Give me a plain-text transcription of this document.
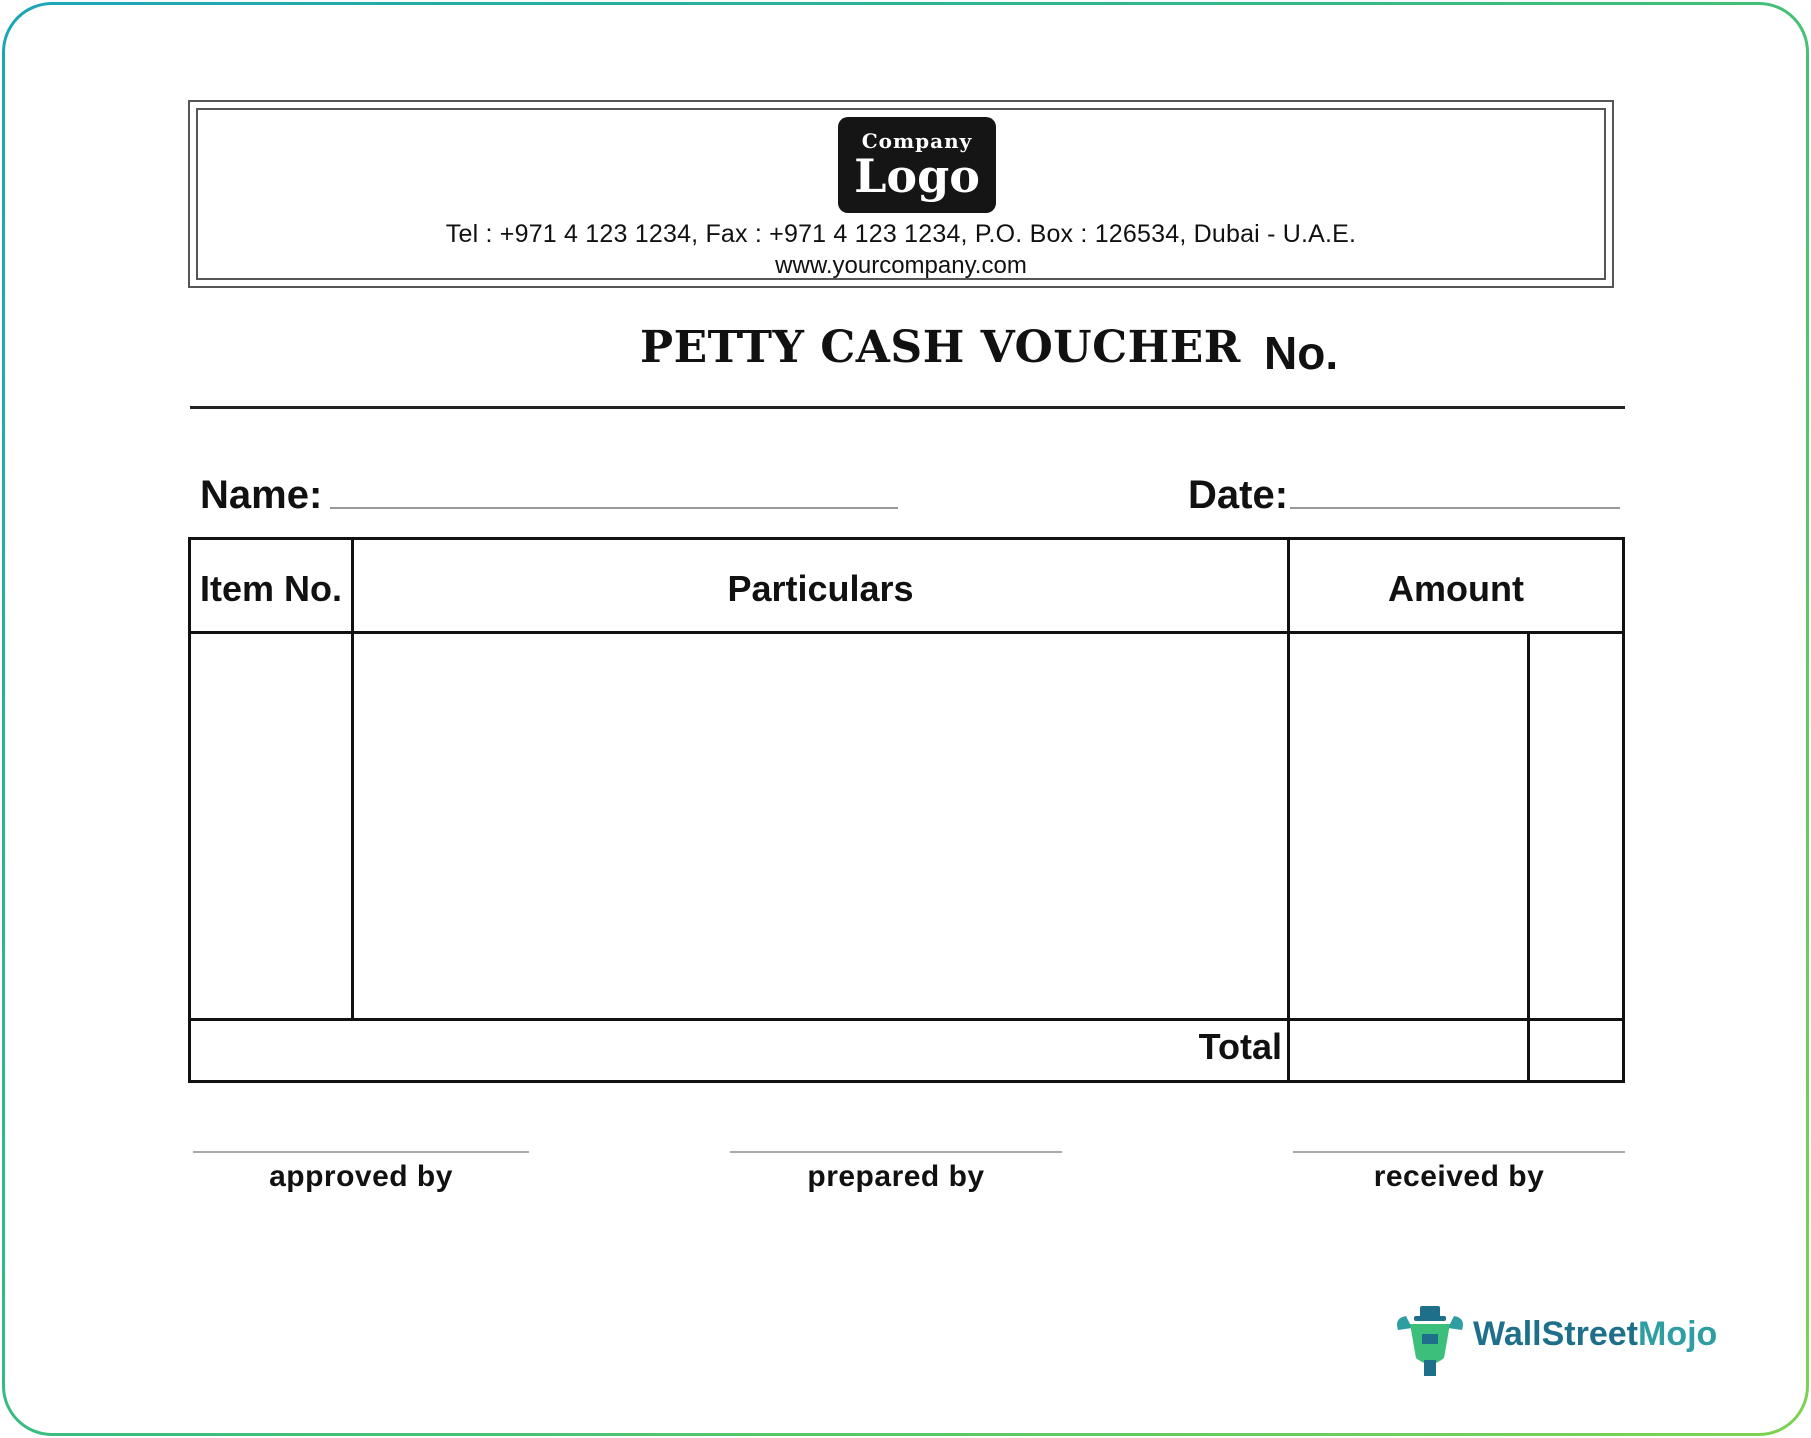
Company
Logo
Tel : +971 4 123 1234, Fax : +971 4 123 1234, P.O. Box : 126534, Dubai - U.A.E.
www.yourcompany.com
PETTY CASH VOUCHER No.
Name:	Date:
Item No.	Particulars	Amount
Total
approved by	prepared by	received by
WallStreetMojo
